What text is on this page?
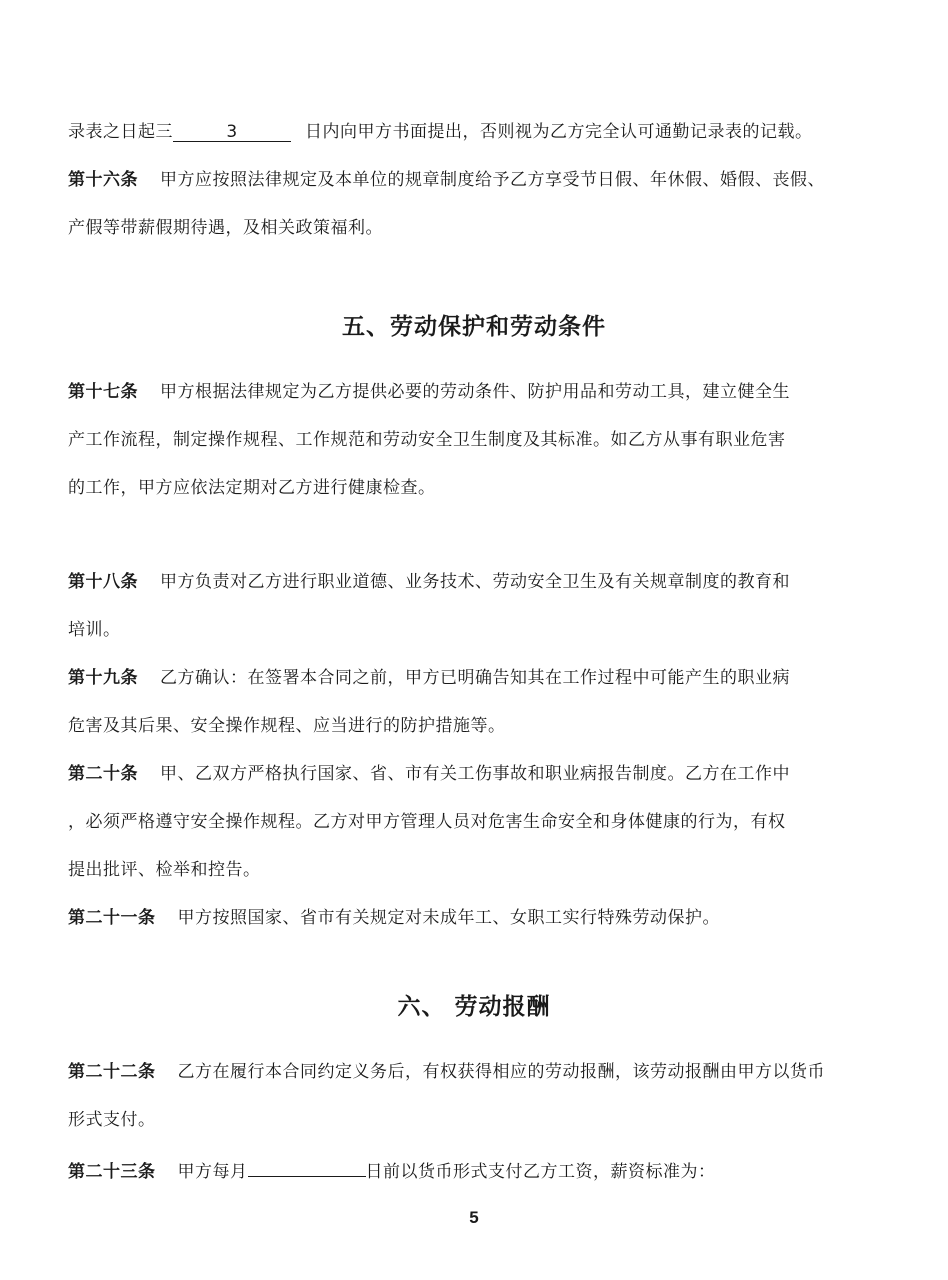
录表之日起三	3	日内向甲方书面提出，否则视为乙方完全认可通勤记录表的记载。
第十六条 甲方应按照法律规定及本单位的规章制度给予乙方享受节日假、年休假、婚假、丧假、
产假等带薪假期待遇，及相关政策福利。
五、劳动保护和劳动条件
第十七条 甲方根据法律规定为乙方提供必要的劳动条件、防护用品和劳动工具，建立健全生
产工作流程，制定操作规程、工作规范和劳动安全卫生制度及其标准。如乙方从事有职业危害
的工作，甲方应依法定期对乙方进行健康检查。
第十八条 甲方负责对乙方进行职业道德、业务技术、劳动安全卫生及有关规章制度的教育和
培训。
第十九条 乙方确认：在签署本合同之前，甲方已明确告知其在工作过程中可能产生的职业病
危害及其后果、安全操作规程、应当进行的防护措施等。
第二十条 甲、乙双方严格执行国家、省、市有关工伤事故和职业病报告制度。乙方在工作中
，必须严格遵守安全操作规程。乙方对甲方管理人员对危害生命安全和身体健康的行为，有权
提出批评、检举和控告。
第二十一条 甲方按照国家、省市有关规定对未成年工、女职工实行特殊劳动保护。
六、 劳动报酬
第二十二条 乙方在履行本合同约定义务后，有权获得相应的劳动报酬，该劳动报酬由甲方以货币
形式支付。
第二十三条 甲方每月	日前以货币形式支付乙方工资，薪资标准为：
5
